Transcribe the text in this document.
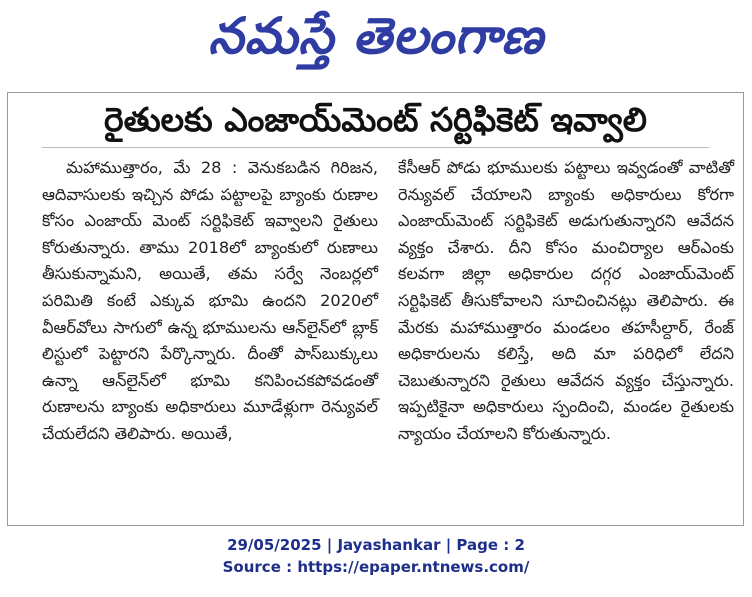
నమస్తే తెలంగాణ
రైతులకు ఎంజాయ్‌మెంట్ సర్టిఫికెట్ ఇవ్వాలి

మహాముత్తారం, మే 28 : వెనుకబడిన గిరిజన, ఆదివాసులకు ఇచ్చిన పోడు పట్టాలపై బ్యాంకు రుణాల కోసం ఎంజాయ్ మెంట్ సర్టిఫికెట్ ఇవ్వాలని రైతులు కోరుతున్నారు. తాము 2018లో బ్యాంకులో రుణాలు తీసుకున్నామని, అయితే, తమ సర్వే నెంబర్లలో పరిమితి కంటే ఎక్కువ భూమి ఉందని 2020లో వీఆర్‌వోలు సాగులో ఉన్న భూములను ఆన్‌లైన్‌లో బ్లాక్ లిస్టులో పెట్టారని పేర్కొన్నారు. దీంతో పాస్‌బుక్కులు ఉన్నా ఆన్‌లైన్‌లో భూమి కనిపించకపోవడంతో రుణాలను బ్యాంకు అధికారులు మూడేళ్లుగా రెన్యువల్ చేయలేదని తెలిపారు. అయితే,

కేసీఆర్ పోడు భూములకు పట్టాలు ఇవ్వడంతో వాటితో రెన్యువల్ చేయాలని బ్యాంకు అధికారులు కోరగా ఎంజాయ్‌మెంట్ సర్టిఫికెట్ అడుగుతున్నారని ఆవేదన వ్యక్తం చేశారు. దీని కోసం మంచిర్యాల ఆర్‌ఎంకు కలవగా జిల్లా అధికారుల దగ్గర ఎంజాయ్‌మెంట్ సర్టిఫికెట్ తీసుకోవాలని సూచించినట్లు తెలిపారు. ఈ మేరకు మహాముత్తారం మండలం తహసీల్దార్, రేంజ్ అధికారులను కలిస్తే, అది మా పరిధిలో లేదని చెబుతున్నారని రైతులు ఆవేదన వ్యక్తం చేస్తున్నారు. ఇప్పటికైనా అధికారులు స్పందించి, మండల రైతులకు న్యాయం చేయాలని కోరుతున్నారు.

29/05/2025 | Jayashankar | Page : 2
Source : https://epaper.ntnews.com/
